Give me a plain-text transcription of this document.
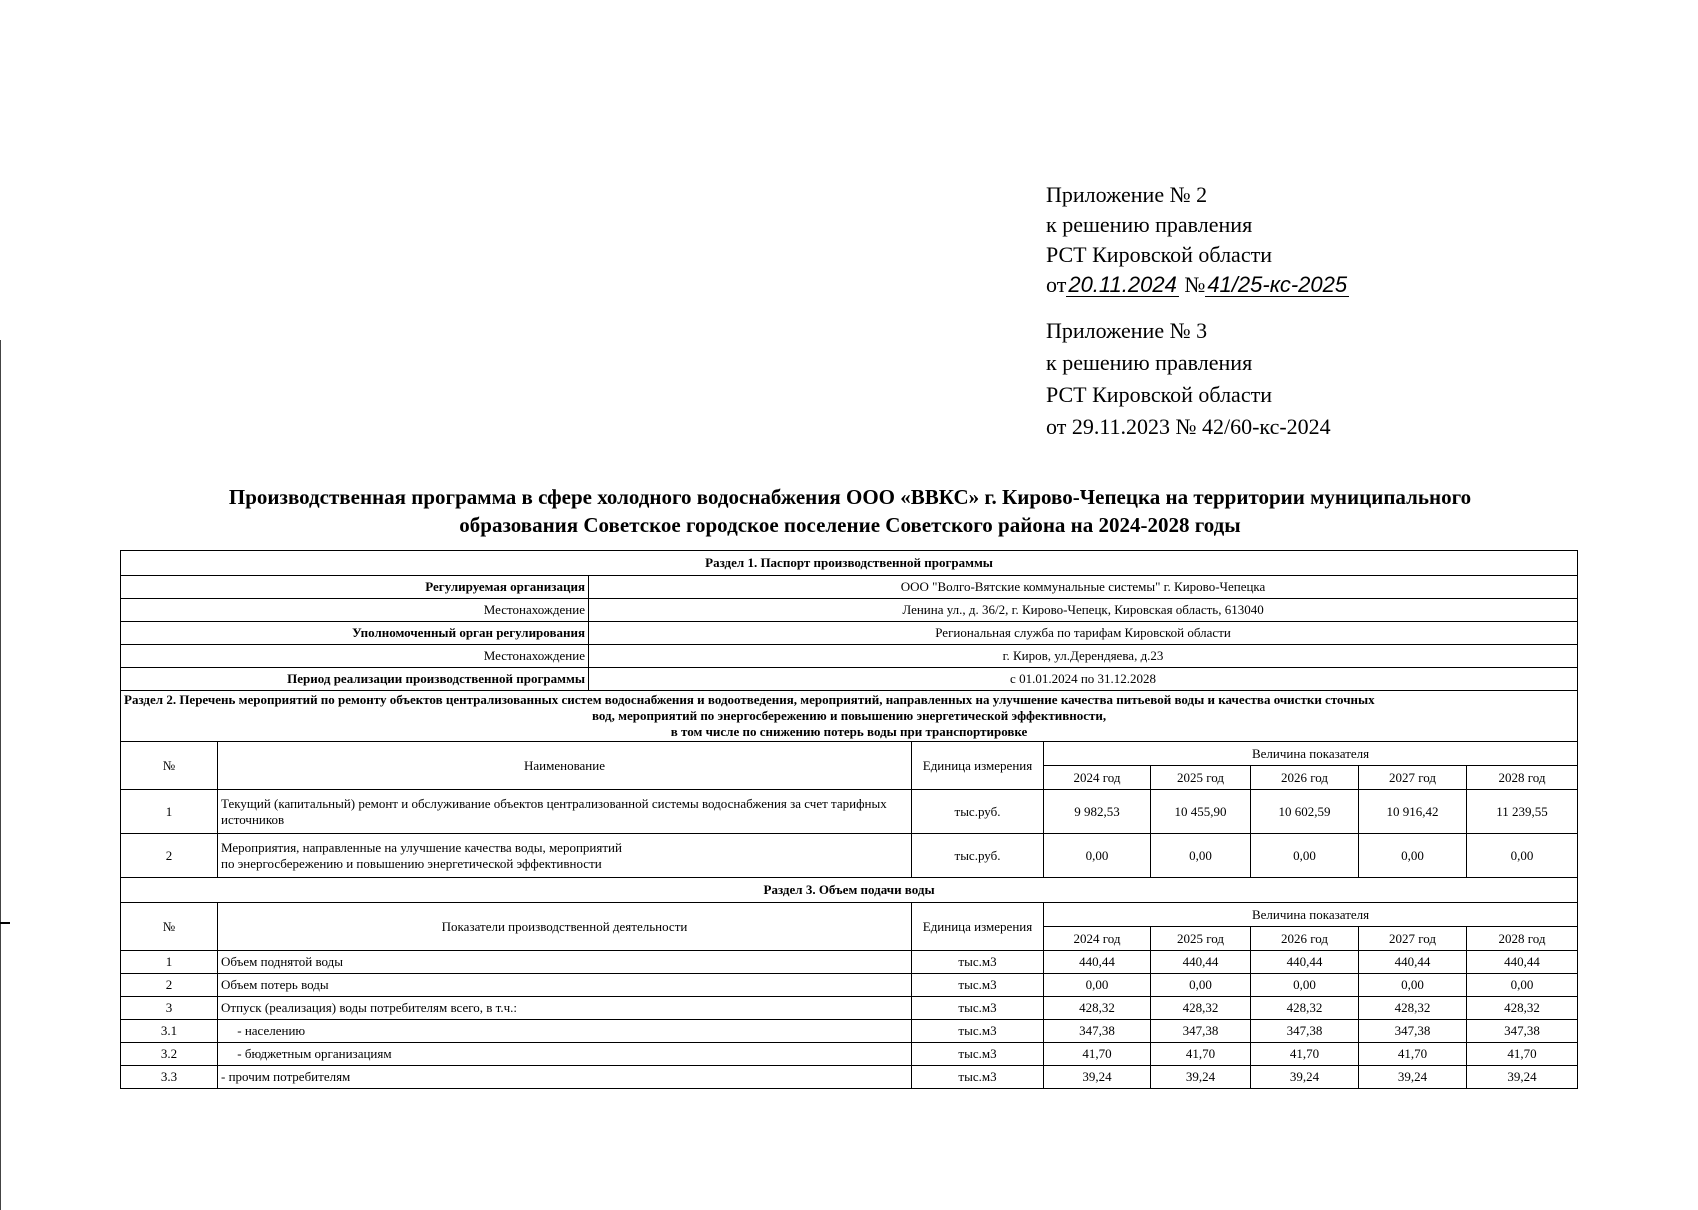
Приложение № 2
к решению правления
РСТ Кировской области
от20.11.2024 №41/25-кс-2025
Приложение № 3
к решению правления
РСТ Кировской области
от 29.11.2023 № 42/60-кс-2024
Производственная программа в сфере холодного водоснабжения ООО «ВВКС» г. Кирово-Чепецка на территории муниципального
образования Советское городское поселение Советского района на 2024-2028 годы
Раздел 1. Паспорт производственной программы								
Регулируемая организация		ООО "Волго-Вятские коммунальные системы" г. Кирово-Чепецка						
Местонахождение		Ленина ул., д. 36/2, г. Кирово-Чепецк, Кировская область, 613040						
Уполномоченный орган регулирования		Региональная служба по тарифам Кировской области						
Местонахождение		г. Киров, ул.Дерендяева, д.23						
Период реализации производственной программы		с 01.01.2024 по 31.12.2028						

Раздел 2. Перечень мероприятий по ремонту объектов централизованных систем водоснабжения и водоотведения, мероприятий, направленных на улучшение качества питьевой воды и качества очистки сточных
вод, мероприятий по энергосбережению и повышению энергетической эффективности,
в том числе по снижению потерь воды при транспортировке								

№	Наименование		Единица измерения	Величина показателя				
				2024 год	2025 год	2026 год	2027 год	2028 год
1	Текущий (капитальный) ремонт и обслуживание объектов централизованной системы водоснабжения за счет тарифных источников		тыс.руб.	9 982,53	10 455,90	10 602,59	10 916,42	11 239,55
2	Мероприятия, направленные на улучшение качества воды, мероприятий
по энергосбережению и повышению энергетической эффективности		тыс.руб.	0,00	0,00	0,00	0,00	0,00
Раздел 3. Объем подачи воды								
№	Показатели производственной деятельности		Единица измерения	Величина показателя				
				2024 год	2025 год	2026 год	2027 год	2028 год
1	Объем поднятой воды		тыс.м3	440,44	440,44	440,44	440,44	440,44
2	Объем потерь воды		тыс.м3	0,00	0,00	0,00	0,00	0,00
3	Отпуск (реализация) воды потребителям всего, в т.ч.:		тыс.м3	428,32	428,32	428,32	428,32	428,32
3.1	- населению		тыс.м3	347,38	347,38	347,38	347,38	347,38
3.2	- бюджетным организациям		тыс.м3	41,70	41,70	41,70	41,70	41,70
3.3	- прочим потребителям		тыс.м3	39,24	39,24	39,24	39,24	39,24
